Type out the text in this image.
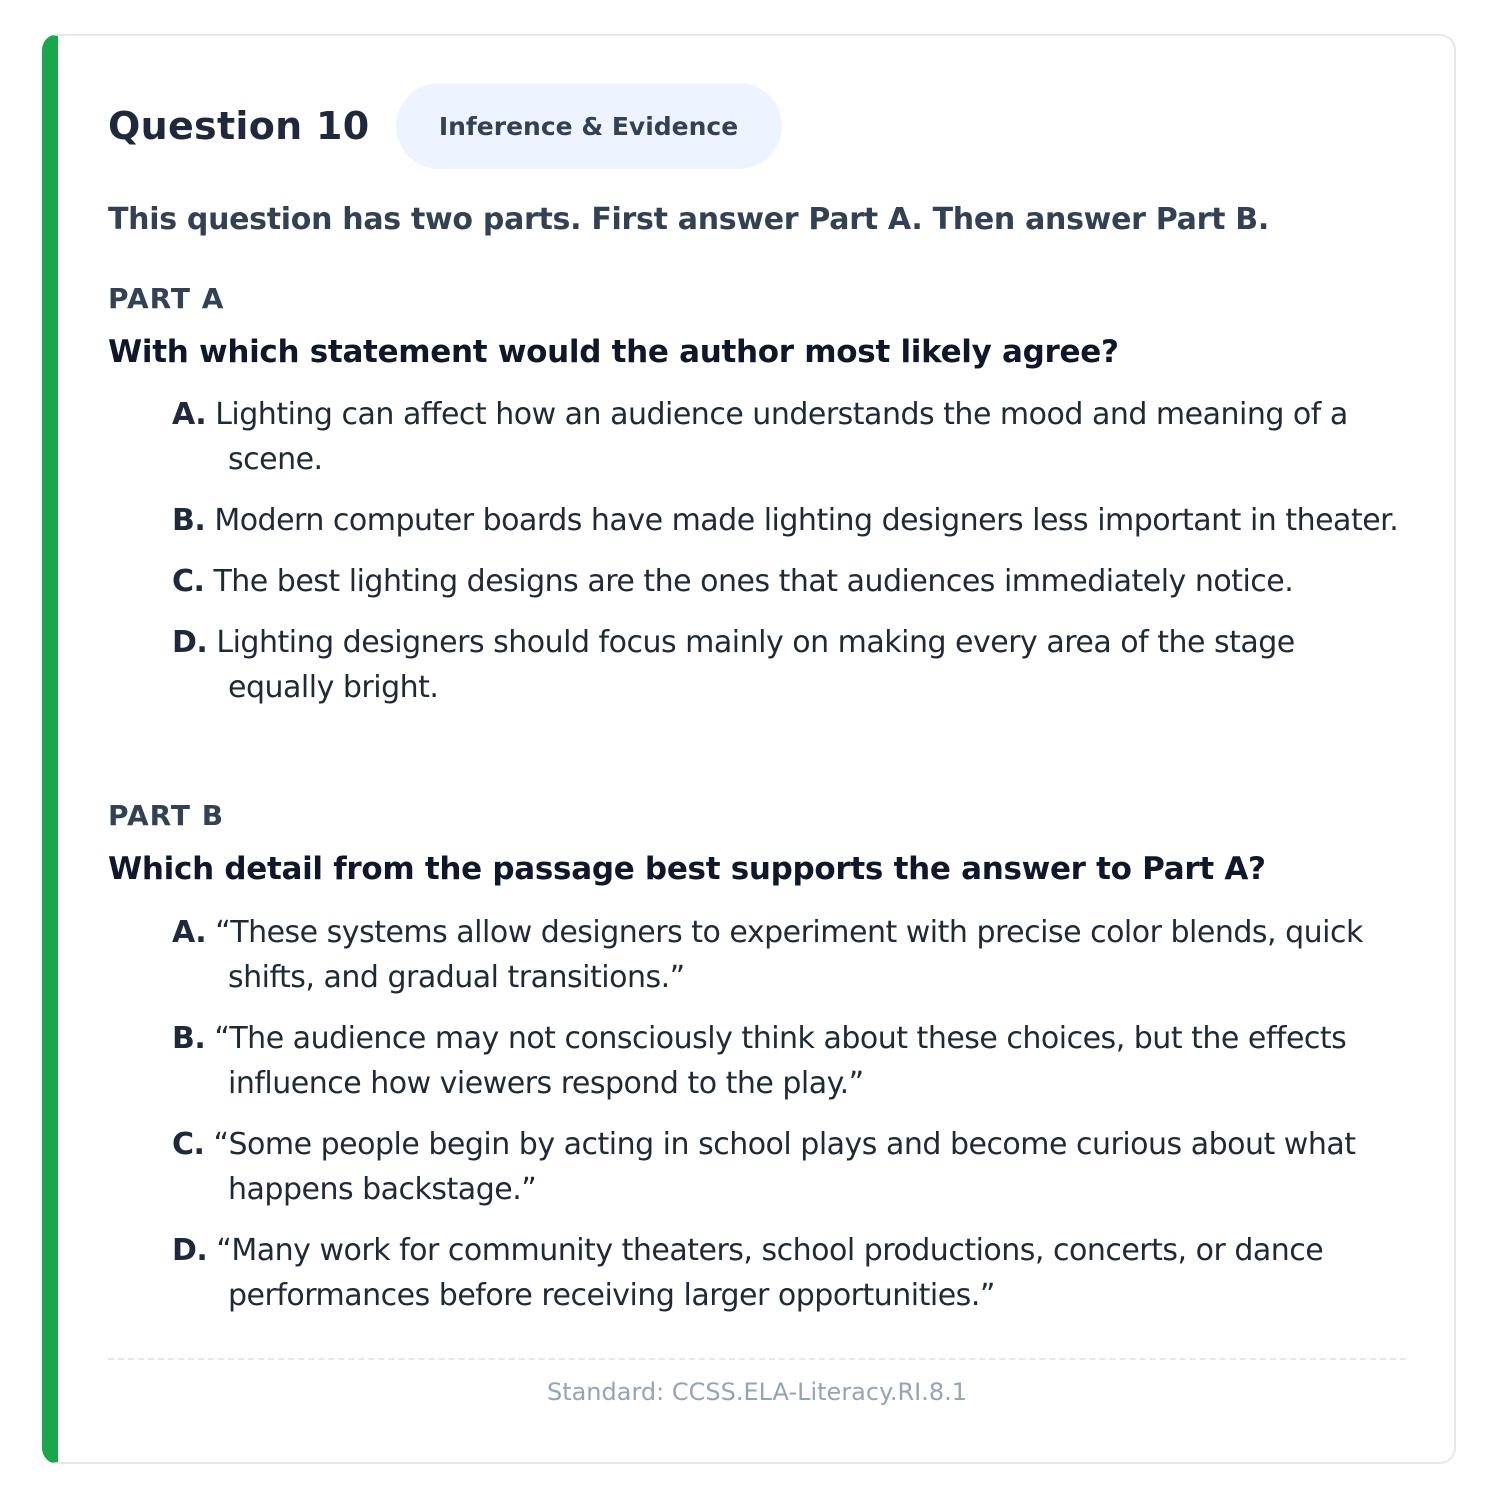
Question 10	Inference & Evidence
This question has two parts. First answer Part A. Then answer Part B.
PART A
With which statement would the author most likely agree?
A. Lighting can affect how an audience understands the mood and meaning of a scene.
B. Modern computer boards have made lighting designers less important in theater.
C. The best lighting designs are the ones that audiences immediately notice.
D. Lighting designers should focus mainly on making every area of the stage equally bright.
PART B
Which detail from the passage best supports the answer to Part A?
A. “These systems allow designers to experiment with precise color blends, quick shifts, and gradual transitions.”
B. “The audience may not consciously think about these choices, but the effects influence how viewers respond to the play.”
C. “Some people begin by acting in school plays and become curious about what happens backstage.”
D. “Many work for community theaters, school productions, concerts, or dance performances before receiving larger opportunities.”
Standard: CCSS.ELA-Literacy.RI.8.1
